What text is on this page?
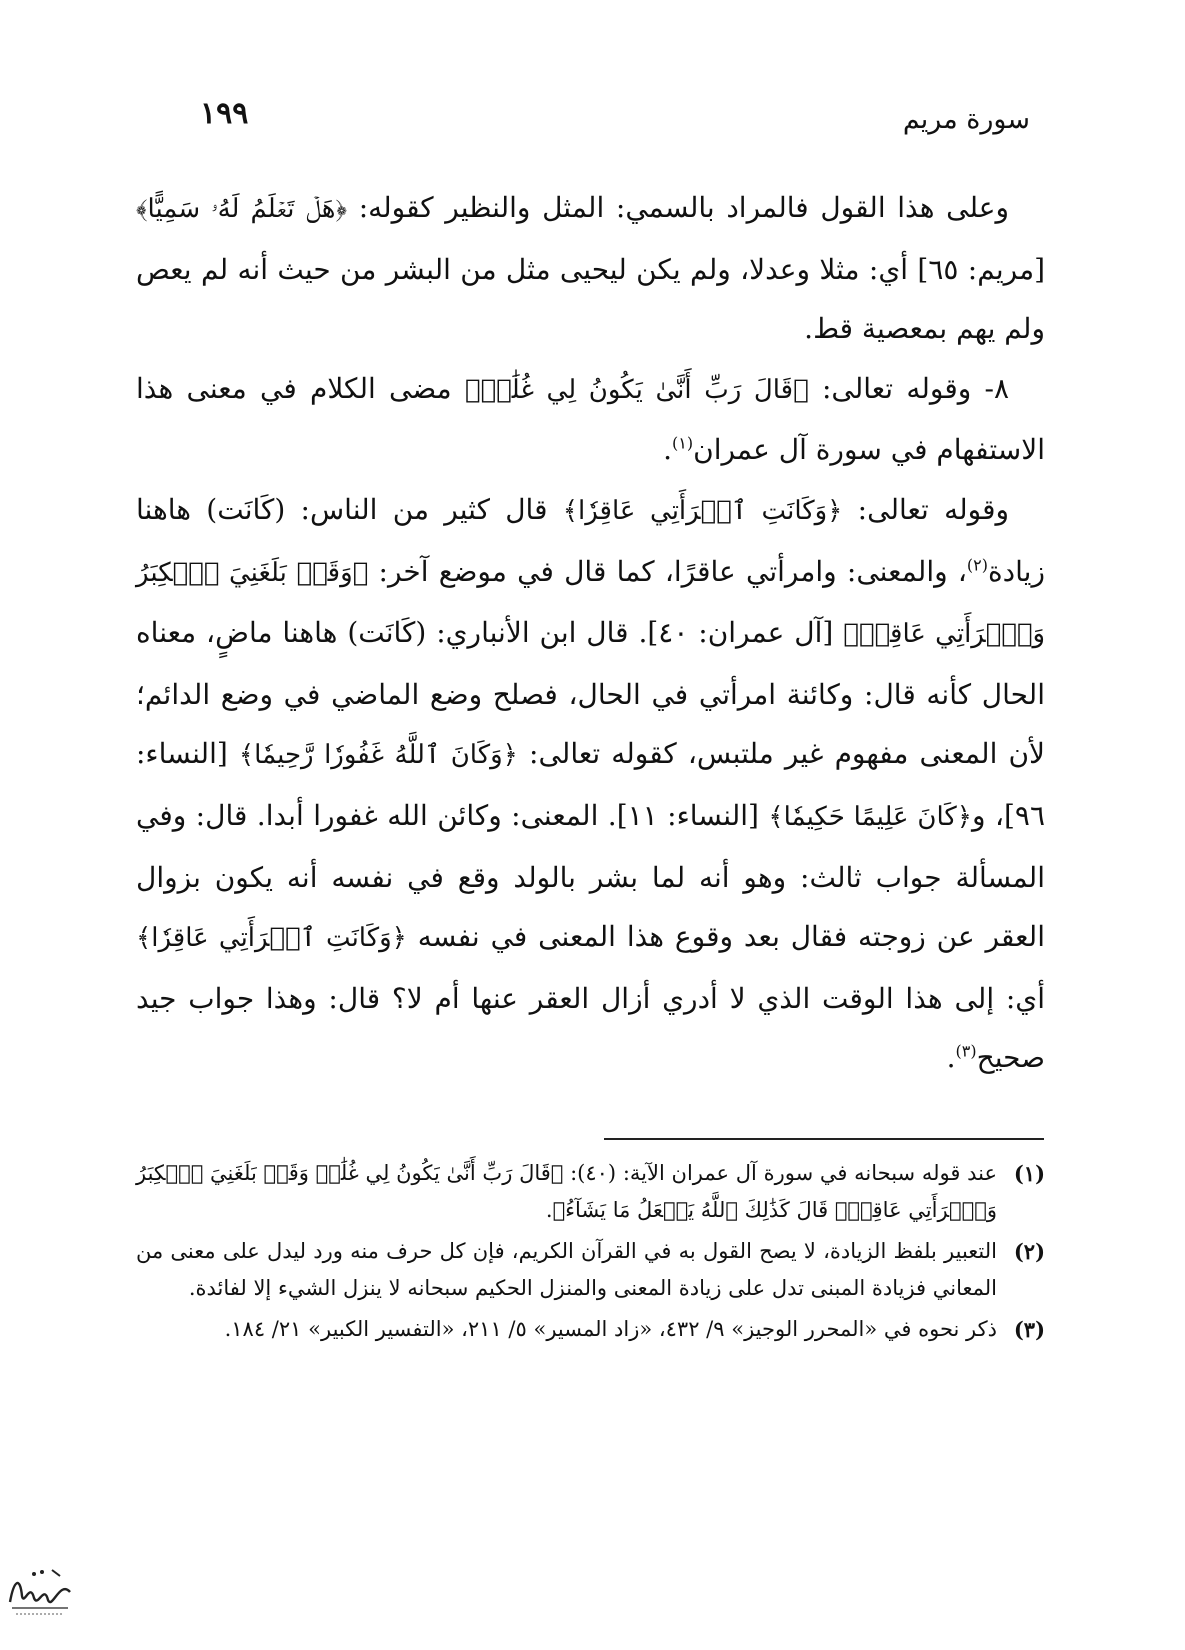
سورة مريم
١٩٩

وعلى هذا القول فالمراد بالسمي: المثل والنظير كقوله: ﴿هَلۡ تَعۡلَمُ لَهُۥ سَمِيًّا﴾ [مريم: ٦٥] أي: مثلا وعدلا، ولم يكن ليحيى مثل من البشر من حيث أنه لم يعص ولم يهم بمعصية قط.

٨- وقوله تعالى: ﴿قَالَ رَبِّ أَنَّىٰ يَكُونُ لِي غُلَٰمٞ﴾ مضى الكلام في معنى هذا الاستفهام في سورة آل عمران$^{(١)}$.

وقوله تعالى: ﴿وَكَانَتِ ٱمۡرَأَتِي عَاقِرٗا﴾ قال كثير من الناس: (كَانَت) هاهنا زيادة$^{(٢)}$، والمعنى: وامرأتي عاقرًا، كما قال في موضع آخر: ﴿وَقَدۡ بَلَغَنِيَ ٱلۡكِبَرُ وَٱمۡرَأَتِي عَاقِرٞ﴾ [آل عمران: ٤٠]. قال ابن الأنباري: (كَانَت) هاهنا ماضٍ، معناه الحال كأنه قال: وكائنة امرأتي في الحال، فصلح وضع الماضي في وضع الدائم؛ لأن المعنى مفهوم غير ملتبس، كقوله تعالى: ﴿وَكَانَ ٱللَّهُ غَفُورٗا رَّحِيمٗا﴾ [النساء: ٩٦]، و﴿كَانَ عَلِيمًا حَكِيمٗا﴾ [النساء: ١١]. المعنى: وكائن الله غفورا أبدا. قال: وفي المسألة جواب ثالث: وهو أنه لما بشر بالولد وقع في نفسه أنه يكون بزوال العقر عن زوجته فقال بعد وقوع هذا المعنى في نفسه ﴿وَكَانَتِ ٱمۡرَأَتِي عَاقِرٗا﴾ أي: إلى هذا الوقت الذي لا أدري أزال العقر عنها أم لا؟ قال: وهذا جواب جيد صحيح$^{(٣)}$.

(١)
عند قوله سبحانه في سورة آل عمران الآية: (٤٠): ﴿قَالَ رَبِّ أَنَّىٰ يَكُونُ لِي غُلَٰمٞ وَقَدۡ بَلَغَنِيَ ٱلۡكِبَرُ وَٱمۡرَأَتِي عَاقِرٞۖ قَالَ كَذَٰلِكَ ٱللَّهُ يَفۡعَلُ مَا يَشَآءُ﴾.

(٢)
التعبير بلفظ الزيادة، لا يصح القول به في القرآن الكريم، فإن كل حرف منه ورد ليدل على معنى من المعاني فزيادة المبنى تدل على زيادة المعنى والمنزل الحكيم سبحانه لا ينزل الشيء إلا لفائدة.

(٣)
ذكر نحوه في «المحرر الوجيز» ٩/ ٤٣٢، «زاد المسير» ٥/ ٢١١، «التفسير الكبير» ٢١/ ١٨٤.
